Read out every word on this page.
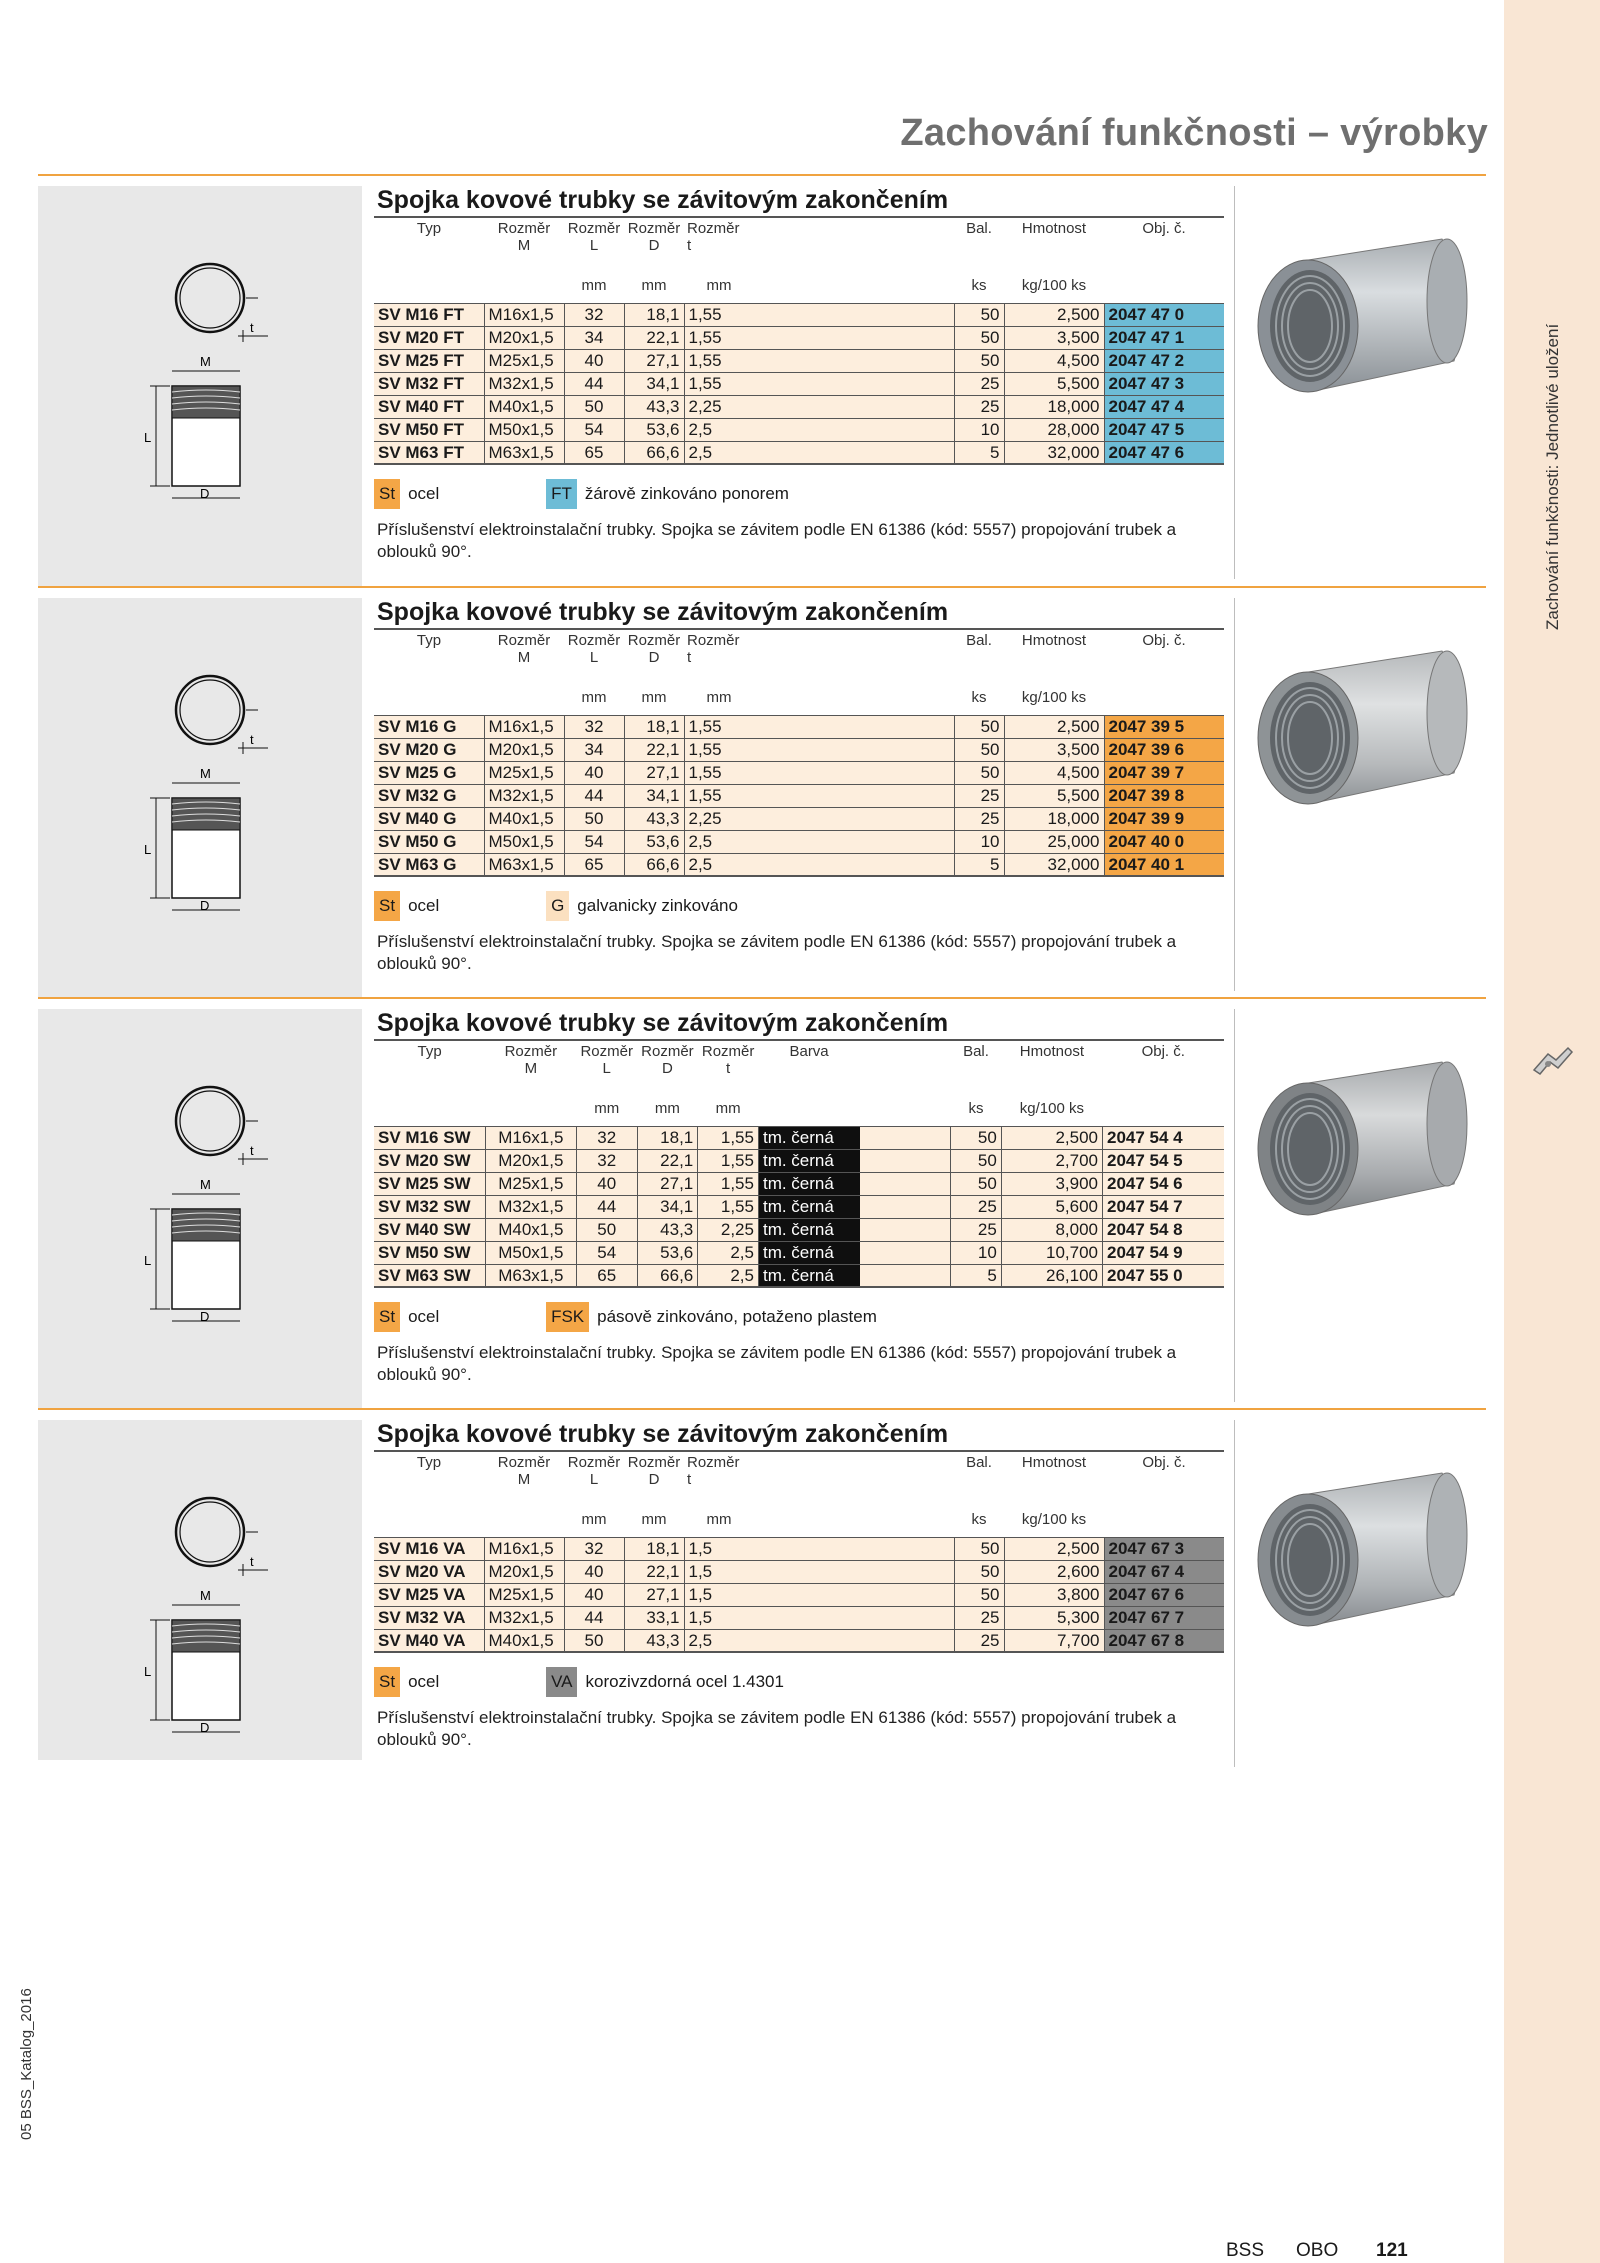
Zachování funkčnosti: Jednotlivé uložení
Zachování funkčnosti – výrobky
t
M
L
D
Spojka kovové trubky se závitovým zakončením
Typ	Rozměr
M	Rozměr
L	Rozměr
D	Rozměr
t		Bal.	Hmotnost	Obj. č.
		mm	mm	mm		ks	kg/100 ks	
SV M16 FT	M16x1,5	32	18,1	1,55		50	2,500	2047 47 0
SV M20 FT	M20x1,5	34	22,1	1,55		50	3,500	2047 47 1
SV M25 FT	M25x1,5	40	27,1	1,55		50	4,500	2047 47 2
SV M32 FT	M32x1,5	44	34,1	1,55		25	5,500	2047 47 3
SV M40 FT	M40x1,5	50	43,3	2,25		25	18,000	2047 47 4
SV M50 FT	M50x1,5	54	53,6	2,5		10	28,000	2047 47 5
SV M63 FT	M63x1,5	65	66,6	2,5		5	32,000	2047 47 6
St ocel	FT žárově zinkováno ponorem
Příslušenství elektroinstalační trubky. Spojka se závitem podle EN 61386 (kód: 5557) propojování trubek a oblouků 90°.
t
M
L
D
Spojka kovové trubky se závitovým zakončením
Typ	Rozměr
M	Rozměr
L	Rozměr
D	Rozměr
t		Bal.	Hmotnost	Obj. č.
		mm	mm	mm		ks	kg/100 ks	
SV M16 G	M16x1,5	32	18,1	1,55		50	2,500	2047 39 5
SV M20 G	M20x1,5	34	22,1	1,55		50	3,500	2047 39 6
SV M25 G	M25x1,5	40	27,1	1,55		50	4,500	2047 39 7
SV M32 G	M32x1,5	44	34,1	1,55		25	5,500	2047 39 8
SV M40 G	M40x1,5	50	43,3	2,25		25	18,000	2047 39 9
SV M50 G	M50x1,5	54	53,6	2,5		10	25,000	2047 40 0
SV M63 G	M63x1,5	65	66,6	2,5		5	32,000	2047 40 1
St ocel	G galvanicky zinkováno
Příslušenství elektroinstalační trubky. Spojka se závitem podle EN 61386 (kód: 5557) propojování trubek a oblouků 90°.
t
M
L
D
Spojka kovové trubky se závitovým zakončením
Typ	Rozměr
M	Rozměr
L	Rozměr
D	Rozměr
t	Barva		Bal.	Hmotnost	Obj. č.
		mm	mm	mm			ks	kg/100 ks	
SV M16 SW	M16x1,5	32	18,1	1,55	tm. černá		50	2,500	2047 54 4
SV M20 SW	M20x1,5	32	22,1	1,55	tm. černá		50	2,700	2047 54 5
SV M25 SW	M25x1,5	40	27,1	1,55	tm. černá		50	3,900	2047 54 6
SV M32 SW	M32x1,5	44	34,1	1,55	tm. černá		25	5,600	2047 54 7
SV M40 SW	M40x1,5	50	43,3	2,25	tm. černá		25	8,000	2047 54 8
SV M50 SW	M50x1,5	54	53,6	2,5	tm. černá		10	10,700	2047 54 9
SV M63 SW	M63x1,5	65	66,6	2,5	tm. černá		5	26,100	2047 55 0
St ocel	FSK pásově zinkováno, potaženo plastem
Příslušenství elektroinstalační trubky. Spojka se závitem podle EN 61386 (kód: 5557) propojování trubek a oblouků 90°.
t
M
L
D
Spojka kovové trubky se závitovým zakončením
Typ	Rozměr
M	Rozměr
L	Rozměr
D	Rozměr
t		Bal.	Hmotnost	Obj. č.
		mm	mm	mm		ks	kg/100 ks	
SV M16 VA	M16x1,5	32	18,1	1,5		50	2,500	2047 67 3
SV M20 VA	M20x1,5	40	22,1	1,5		50	2,600	2047 67 4
SV M25 VA	M25x1,5	40	27,1	1,5		50	3,800	2047 67 6
SV M32 VA	M32x1,5	44	33,1	1,5		25	5,300	2047 67 7
SV M40 VA	M40x1,5	50	43,3	2,5		25	7,700	2047 67 8
St ocel	VA korozivzdorná ocel 1.4301
Příslušenství elektroinstalační trubky. Spojka se závitem podle EN 61386 (kód: 5557) propojování trubek a oblouků 90°.
05 BSS_Katalog_2016
BSS OBO 121
